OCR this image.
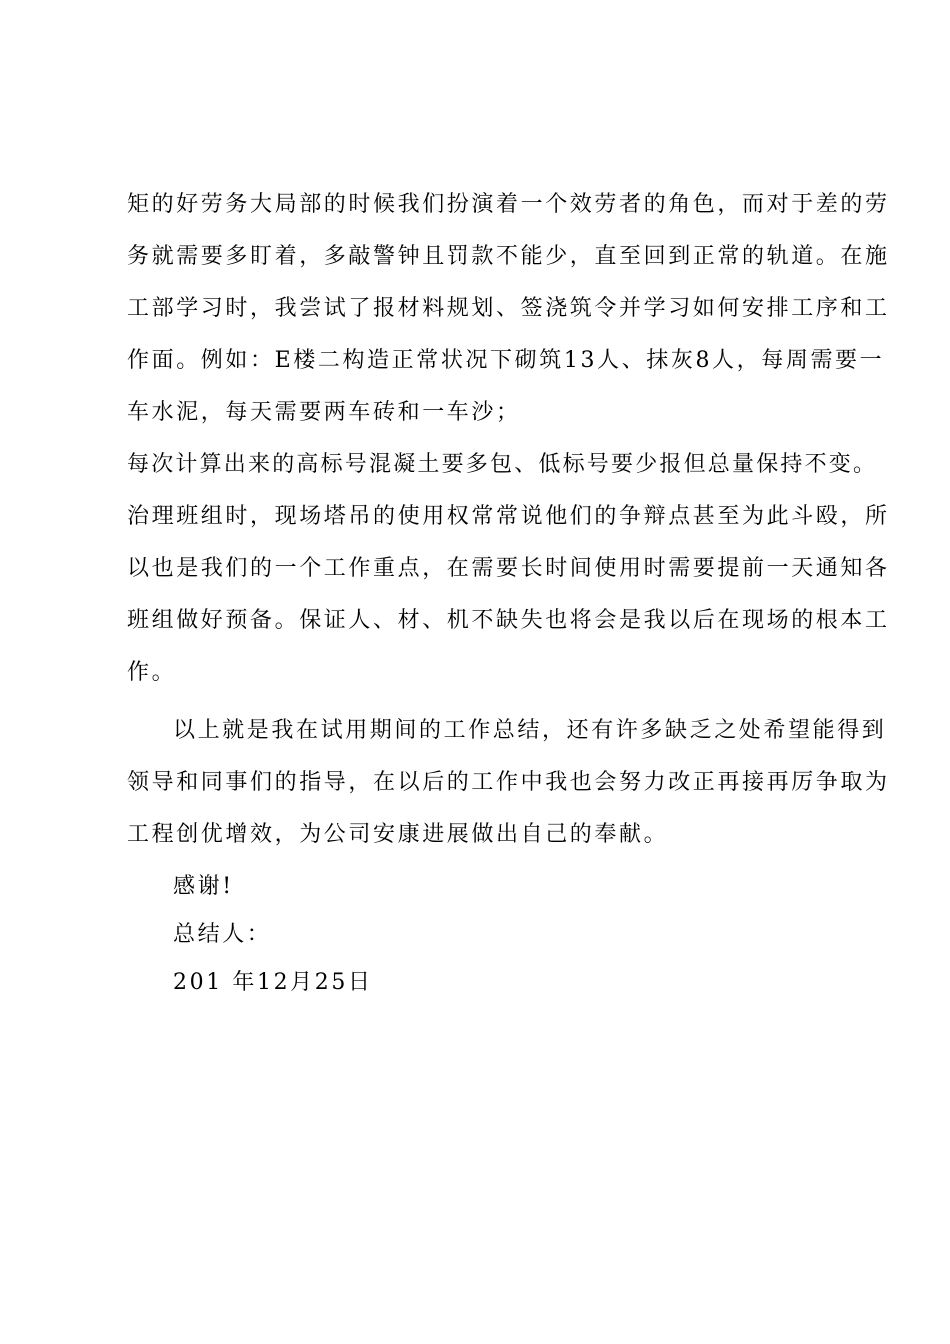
矩的好劳务大局部的时候我们扮演着一个效劳者的角色，而对于差的劳
务就需要多盯着，多敲警钟且罚款不能少，直至回到正常的轨道。在施
工部学习时，我尝试了报材料规划、签浇筑令并学习如何安排工序和工
作面。例如：E楼二构造正常状况下砌筑13人、抹灰8人，每周需要一
车水泥，每天需要两车砖和一车沙；
每次计算出来的高标号混凝土要多包、低标号要少报但总量保持不变。
治理班组时，现场塔吊的使用权常常说他们的争辩点甚至为此斗殴，所
以也是我们的一个工作重点，在需要长时间使用时需要提前一天通知各
班组做好预备。保证人、材、机不缺失也将会是我以后在现场的根本工
作。
以上就是我在试用期间的工作总结，还有许多缺乏之处希望能得到
领导和同事们的指导，在以后的工作中我也会努力改正再接再厉争取为
工程创优增效，为公司安康进展做出自己的奉献。
感谢!
总结人：
201 年12月25日
